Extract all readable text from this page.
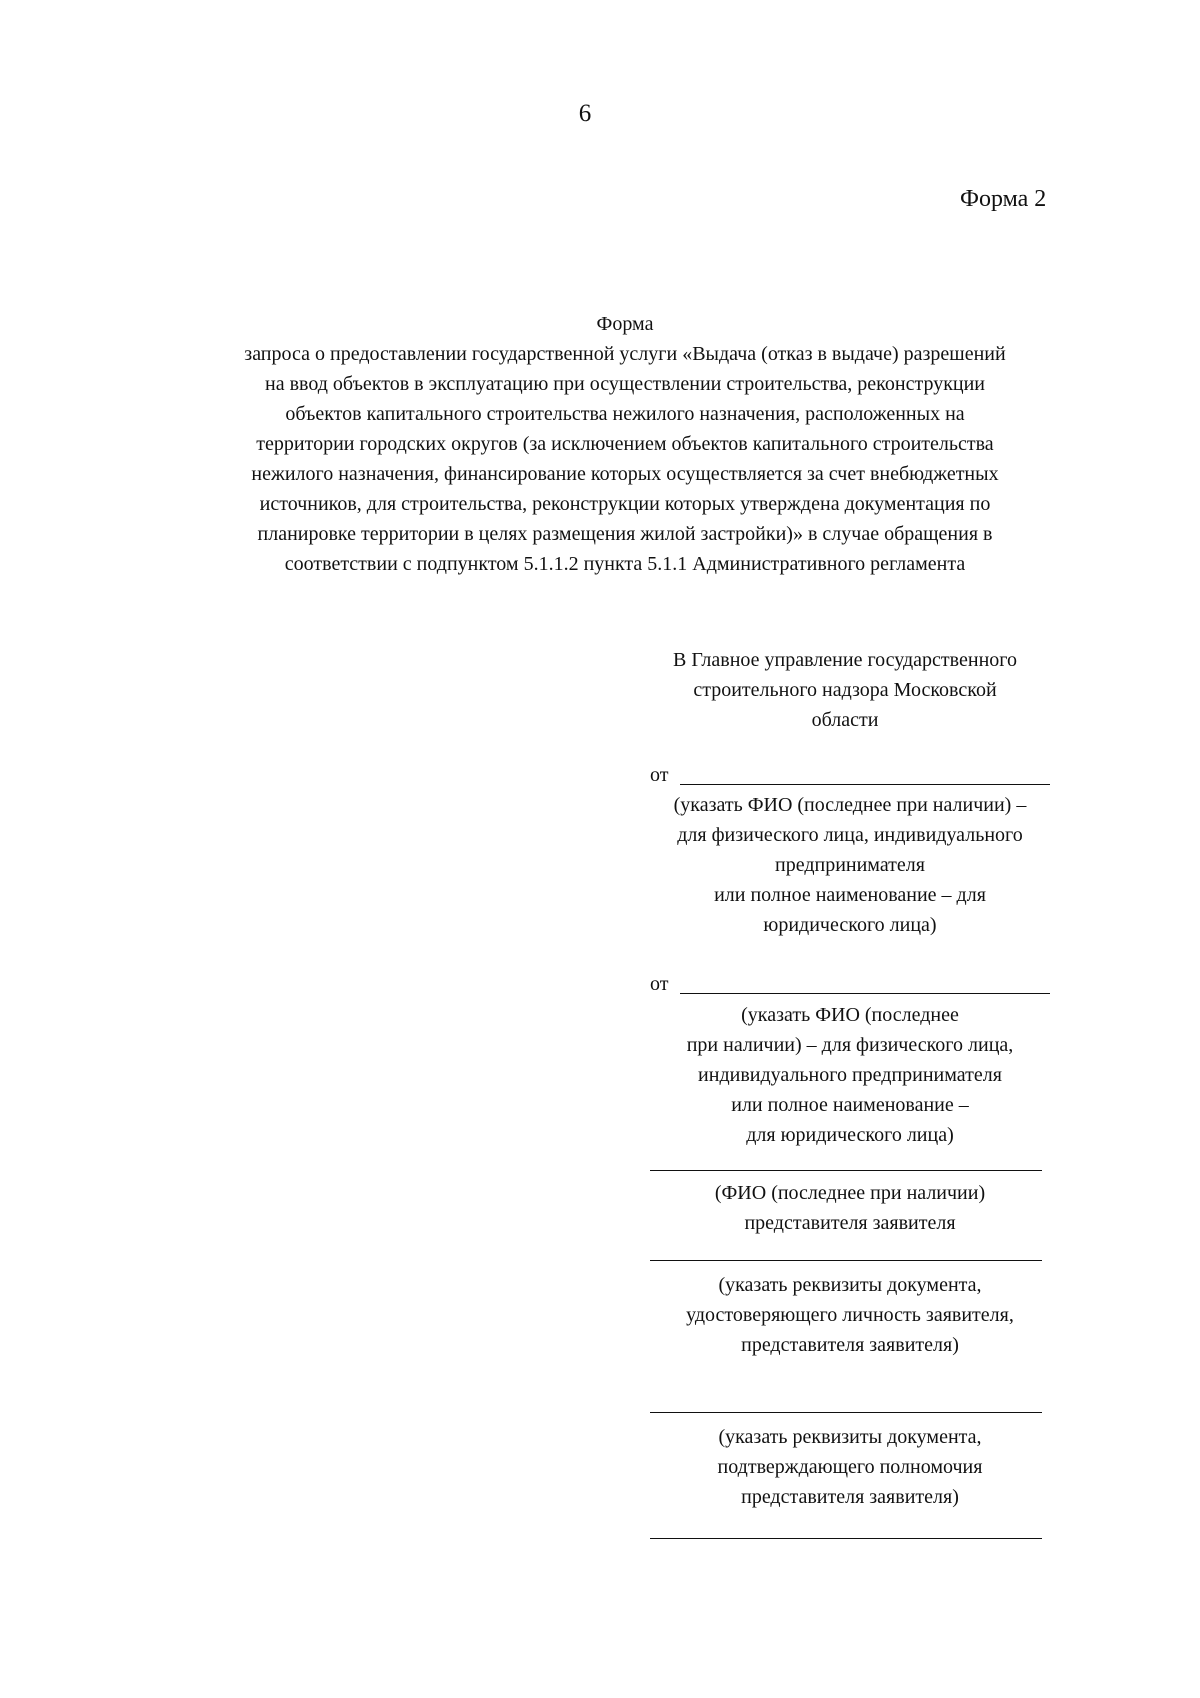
6
Форма 2
Форма
запроса о предоставлении государственной услуги «Выдача (отказ в выдаче) разрешений
на ввод объектов в эксплуатацию при осуществлении строительства, реконструкции
объектов капитального строительства нежилого назначения, расположенных на
территории городских округов (за исключением объектов капитального строительства
нежилого назначения, финансирование которых осуществляется за счет внебюджетных
источников, для строительства, реконструкции которых утверждена документация по
планировке территории в целях размещения жилой застройки)» в случае обращения в
соответствии с подпунктом 5.1.1.2 пункта 5.1.1 Административного регламента
В Главное управление государственного
строительного надзора Московской
области
от
(указать ФИО (последнее при наличии) –
для физического лица, индивидуального
предпринимателя
или полное наименование – для
юридического лица)
от
(указать ФИО (последнее
при наличии) – для физического лица,
индивидуального предпринимателя
или полное наименование –
для юридического лица)
(ФИО (последнее при наличии)
представителя заявителя
(указать реквизиты документа,
удостоверяющего личность заявителя,
представителя заявителя)
(указать реквизиты документа,
подтверждающего полномочия
представителя заявителя)
